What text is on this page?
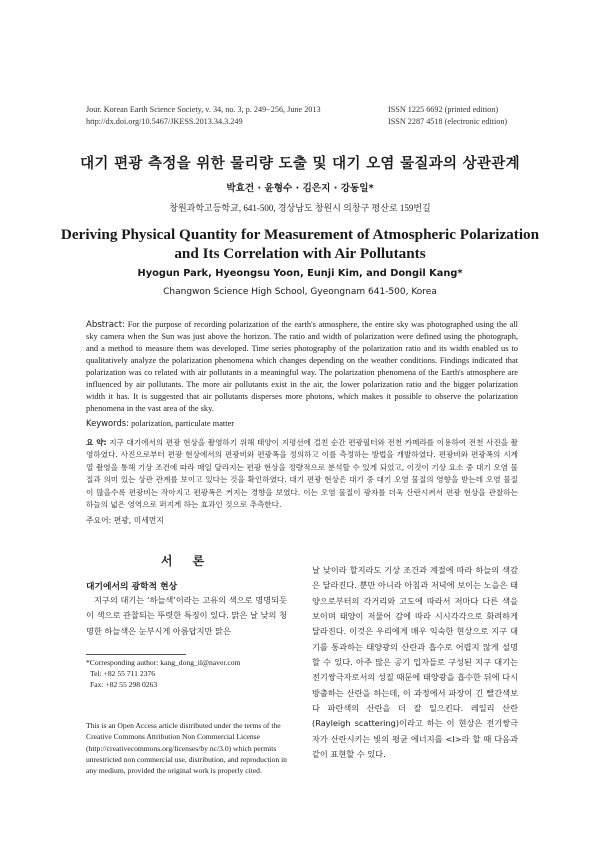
Jour. Korean Earth Science Society, v. 34, no. 3, p. 249−256, June 2013
http://dx.doi.org/10.5467/JKESS.2013.34.3.249
ISSN 1225 6692 (printed edition)
ISSN 2287 4518 (electronic edition)
대기 편광 측정을 위한 물리량 도출 및 대기 오염 물질과의 상관관계
박효건 · 윤형수 · 김은지 · 강동일*
창원과학고등학교, 641-500, 경상남도 창원시 의창구 평산로 159번길
Deriving Physical Quantity for Measurement of Atmospheric Polarization
and Its Correlation with Air Pollutants
Hyogun Park, Hyeongsu Yoon, Eunji Kim, and Dongil Kang*
Changwon Science High School, Gyeongnam 641-500, Korea
Abstract: For the purpose of recording polarization of the earth's atmosphere, the entire sky was photographed using the all sky camera when the Sun was just above the horizon. The ratio and width of polarization were defined using the photograph, and a method to measure them was developed. Time series photography of the polarization ratio and its width enabled us to qualitatively analyze the polarization phenomena which changes depending on the weather conditions. Findings indicated that polarization was co related with air pollutants in a meaningful way. The polarization phenomena of the Earth's atmosphere are influenced by air pollutants. The more air pollutants exist in the air, the lower polarization ratio and the bigger polarization width it has. It is suggested that air pollutants disperses more photons, which makes it possible to observe the polarization phenomena in the vast area of the sky.
Keywords: polarization, particulate matter
요 약: 지구 대기에서의 편광 현상을 촬영하기 위해 태양이 지평선에 걸친 순간 편광필터와 전천 카메라를 이용하여 전천 사진을 촬영하였다. 사진으로부터 편광 현상에서의 편광비와 편광폭을 정의하고 이를 측정하는 방법을 개발하였다. 편광비와 편광폭의 시계열 촬영을 통해 기상 조건에 따라 매일 달라지는 편광 현상을 정량적으로 분석할 수 있게 되었고, 이것이 기상 요소 중 대기 오염 물질과 의미 있는 상관 관계를 보이고 있다는 것을 확인하였다. 대기 편광 현상은 대기 중 대기 오염 물질의 영향을 받는데 오염 물질이 많을수록 편광비는 작아지고 편광폭은 커지는 경향을 보였다. 이는 오염 물질이 광자를 더욱 산란시켜서 편광 현상을 관찰하는 하늘의 넓은 영역으로 퍼지게 하는 효과인 것으로 추측한다.
주요어: 편광, 미세먼지
서 론
대기에서의 광학적 현상

지구의 대기는 ‘하늘색’이라는 고유의 색으로 명명되듯이 색으로 관찰되는 뚜렷한 특징이 있다. 맑은 날 낮의 청명한 하늘색은 눈부시게 아름답지만 맑은

날 낮이라 할지라도 기상 조건과 계절에 따라 하늘의 색감은 달라진다. 뿐만 아니라 아침과 저녁에 보이는 노을은 태양으로부터의 각거리와 고도에 따라서 저마다 다른 색을 보이며 태양이 저물어 감에 따라 시시각각으로 화려하게 달라진다. 이것은 우리에게 매우 익숙한 현상으로 지구 대기를 통과하는 태양광의 산란과 흡수로 어렵지 않게 설명할 수 있다. 아주 많은 공기 입자들로 구성된 지구 대기는 전기쌍극자로서의 성질 때문에 태양광을 흡수한 뒤에 다시 방출하는 산란을 하는데, 이 과정에서 파장이 긴 빨간색보다 파란색의 산란을 더 잘 일으킨다. 레일리 산란(Rayleigh scattering)이라고 하는 이 현상은 전기쌍극자가 산란시키는 빛의 평균 에너지를 <I>라 할 때 다음과 같이 표현할 수 있다.

*Corresponding author: kang_dong_il@naver.com
Tel: +82 55 711 2376
Fax: +82 55 298 0263
This is an Open Access article distributed under the terms of the Creative Commons Attribution Non Commercial License (http://creativecommons.org/licenses/by nc/3.0) which permits unrestricted non commercial use, distribution, and reproduction in any medium, provided the original work is properly cited.
